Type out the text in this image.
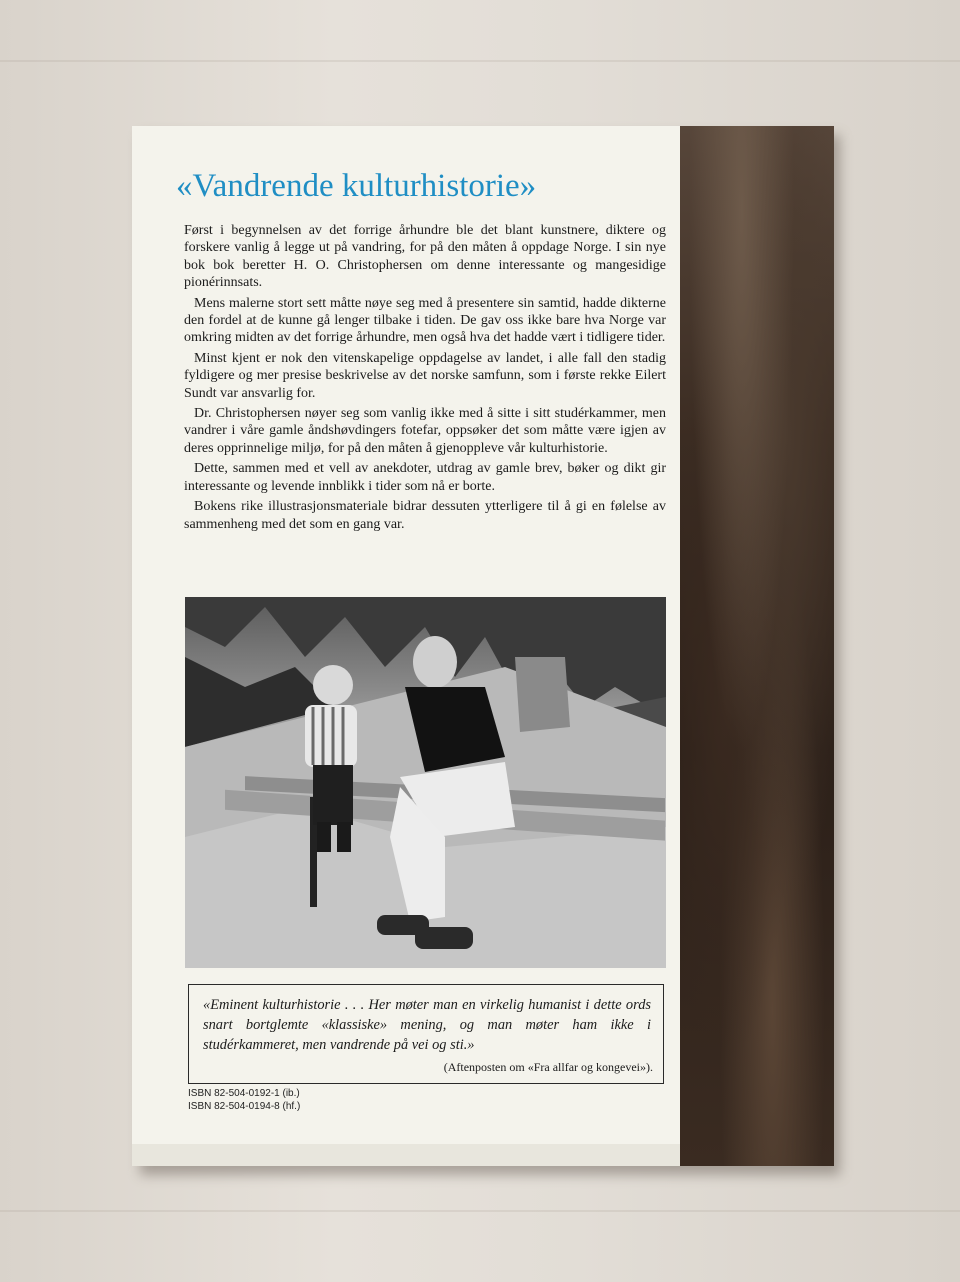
«Vandrende kulturhistorie»

Først i begynnelsen av det forrige århundre ble det blant kunstnere, diktere og forskere vanlig å legge ut på vandring, for på den måten å oppdage Norge. I sin nye bok bok beretter H. O. Christophersen om denne interessante og mangesidige pionérinnsats.

Mens malerne stort sett måtte nøye seg med å presentere sin samtid, hadde dikterne den fordel at de kunne gå lenger tilbake i tiden. De gav oss ikke bare hva Norge var omkring midten av det forrige århundre, men også hva det hadde vært i tidligere tider.

Minst kjent er nok den vitenskapelige oppdagelse av landet, i alle fall den stadig fyldigere og mer presise beskrivelse av det norske samfunn, som i første rekke Eilert Sundt var ansvarlig for.

Dr. Christophersen nøyer seg som vanlig ikke med å sitte i sitt studérkammer, men vandrer i våre gamle åndshøvdingers fotefar, oppsøker det som måtte være igjen av deres opprinnelige miljø, for på den måten å gjenoppleve vår kulturhistorie.

Dette, sammen med et vell av anekdoter, utdrag av gamle brev, bøker og dikt gir interessante og levende innblikk i tider som nå er borte.

Bokens rike illustrasjonsmateriale bidrar dessuten ytterligere til å gi en følelse av sammenheng med det som en gang var.

«Eminent kulturhistorie . . . Her møter man en virkelig humanist i dette ords snart bortglemte «klassiske» mening, og man møter ham ikke i studérkammeret, men vandrende på vei og sti.»
(Aftenposten om «Fra allfar og kongevei»).
ISBN 82-504-0192-1 (ib.)
ISBN 82-504-0194-8 (hf.)
